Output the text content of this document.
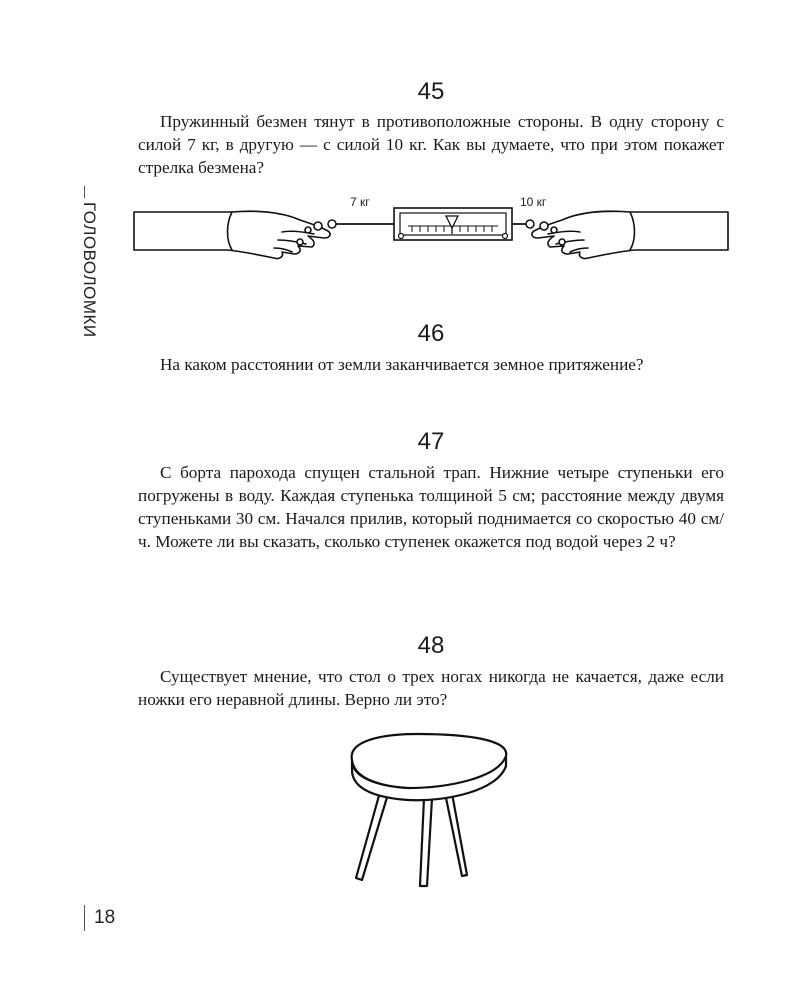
ГОЛОВОЛОМКИ
45
Пружинный безмен тянут в противоположные стороны. В одну сторону с силой 7 кг, в другую — с силой 10 кг. Как вы думаете, что при этом покажет стрелка безмена?
7 кг	10 кг
46
На каком расстоянии от земли заканчивается земное притяжение?
47
С борта парохода спущен стальной трап. Нижние четыре ступеньки его погружены в воду. Каждая ступенька толщиной 5 см; расстояние между двумя ступеньками 30 см. Начался прилив, который поднимается со скоростью 40 см/ч. Можете ли вы сказать, сколько ступенек окажется под водой через 2 ч?
48
Существует мнение, что стол о трех ногах никогда не качается, даже если ножки его неравной длины. Верно ли это?
18
